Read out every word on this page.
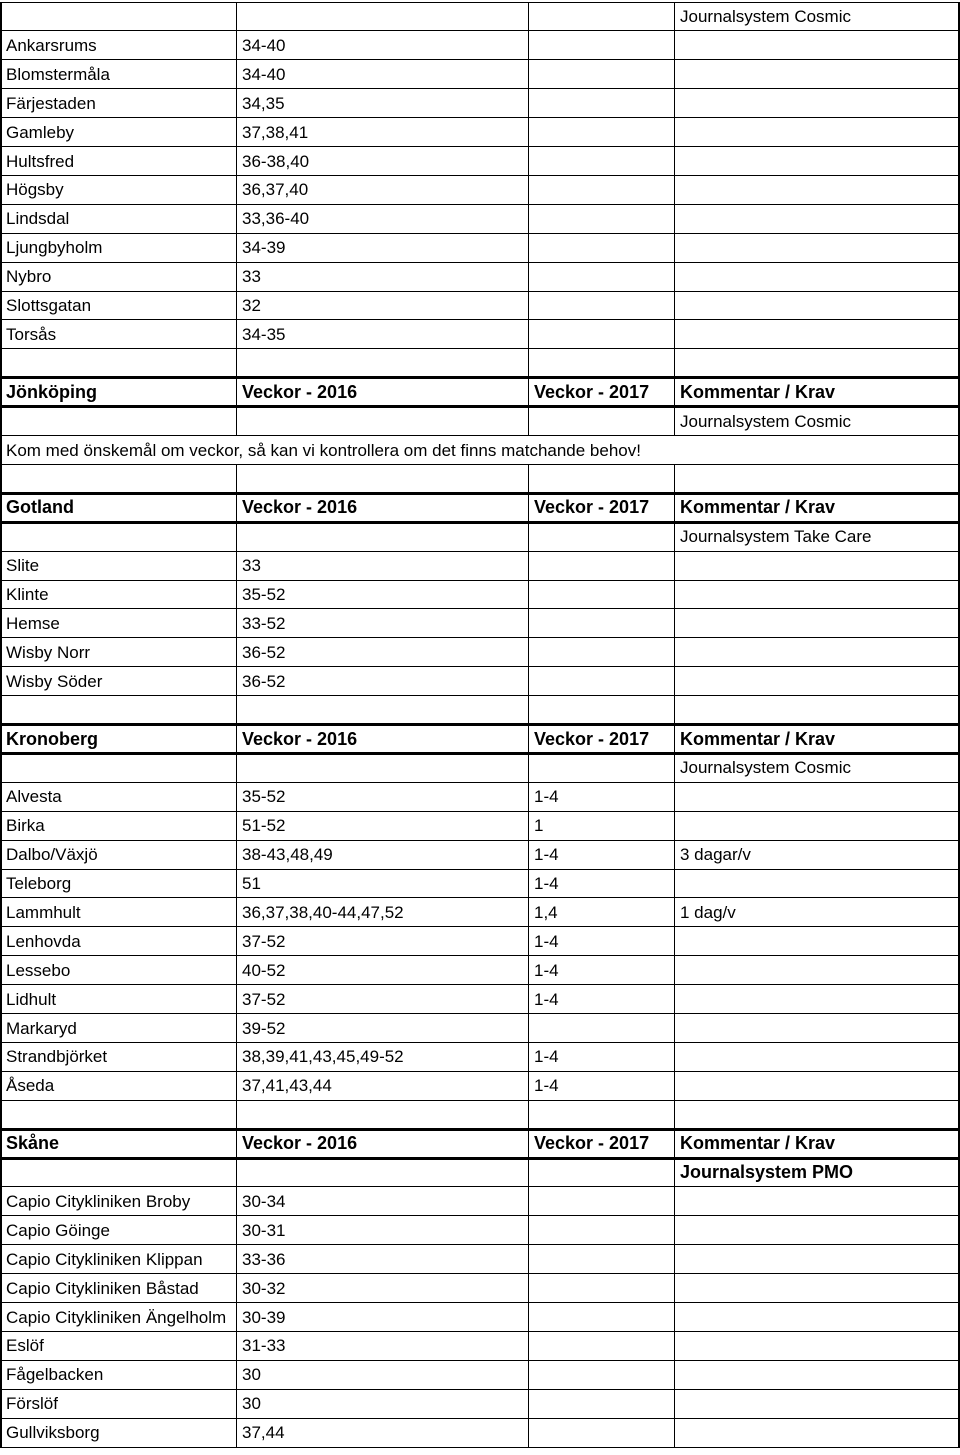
Journalsystem Cosmic
Ankarsrums	34-40
Blomstermåla	34-40
Färjestaden	34,35
Gamleby	37,38,41
Hultsfred	36-38,40
Högsby	36,37,40
Lindsdal	33,36-40
Ljungbyholm	34-39
Nybro	33
Slottsgatan	32
Torsås	34-35
Jönköping	Veckor - 2016	Veckor - 2017	Kommentar / Krav
Journalsystem Cosmic
Kom med önskemål om veckor, så kan vi kontrollera om det finns matchande behov!
Gotland	Veckor - 2016	Veckor - 2017	Kommentar / Krav
Journalsystem Take Care
Slite	33
Klinte	35-52
Hemse	33-52
Wisby Norr	36-52
Wisby Söder	36-52
Kronoberg	Veckor - 2016	Veckor - 2017	Kommentar / Krav
Journalsystem Cosmic
Alvesta	35-52	1-4
Birka	51-52	1
Dalbo/Växjö	38-43,48,49	1-4	3 dagar/v
Teleborg	51	1-4
Lammhult	36,37,38,40-44,47,52	1,4	1 dag/v
Lenhovda	37-52	1-4
Lessebo	40-52	1-4
Lidhult	37-52	1-4
Markaryd	39-52
Strandbjörket	38,39,41,43,45,49-52	1-4
Åseda	37,41,43,44	1-4
Skåne	Veckor - 2016	Veckor - 2017	Kommentar / Krav
Journalsystem PMO
Capio Citykliniken Broby	30-34
Capio Göinge	30-31
Capio Citykliniken Klippan	33-36
Capio Citykliniken Båstad	30-32
Capio Citykliniken Ängelholm 30-39
Eslöf	31-33
Fågelbacken	30
Förslöf	30
Gullviksborg	37,44
